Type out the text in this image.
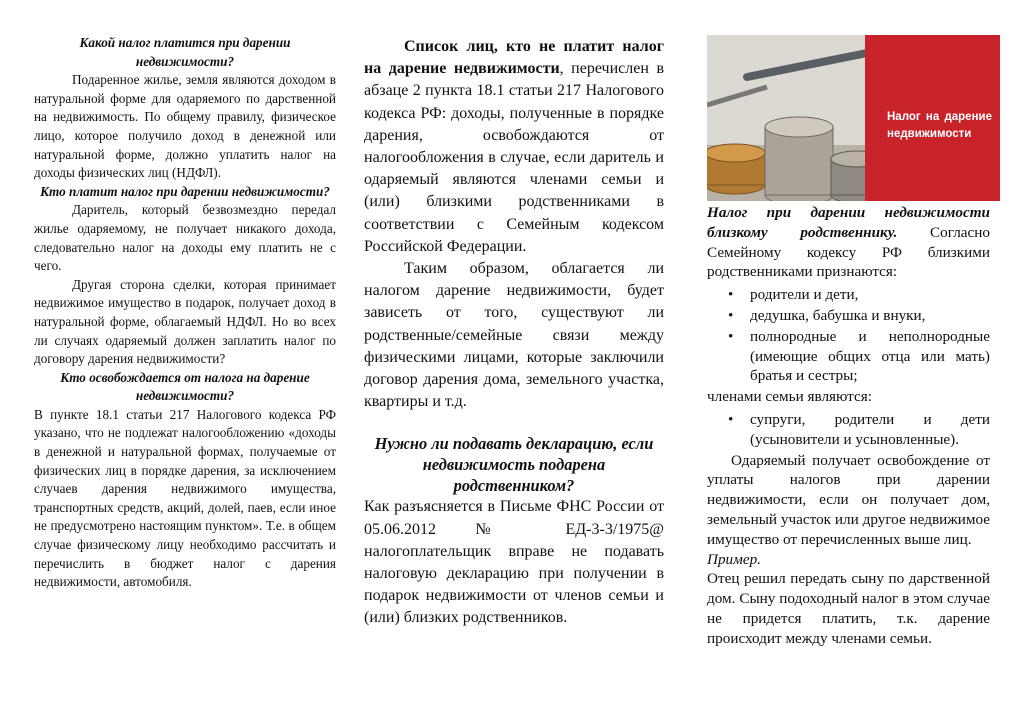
Какой налог платится при дарении недвижимости?

Подаренное жилье, земля являются доходом в натуральной форме для одаряемого по дарственной на недвижимость. По общему правилу, физическое лицо, которое получило доход в денежной или натуральной форме, должно уплатить налог на доходы физических лиц (НДФЛ).

Кто платит налог при дарении недвижимости?

Даритель, который безвозмездно передал жилье одаряемому, не получает никакого дохода, следовательно налог на доходы ему платить не с чего.

Другая сторона сделки, которая принимает недвижимое имущество в подарок, получает доход в натуральной форме, облагаемый НДФЛ. Но во всех ли случаях одаряемый должен заплатить налог по договору дарения недвижимости?

Кто освобождается от налога на дарение недвижимости?

В пункте 18.1 статьи 217 Налогового кодекса РФ указано, что не подлежат налогообложению «доходы в денежной и натуральной формах, получаемые от физических лиц в порядке дарения, за исключением случаев дарения недвижимого имущества, транспортных средств, акций, долей, паев, если иное не предусмотрено настоящим пунктом». Т.е. в общем случае физическому лицу необходимо рассчитать и перечислить в бюджет налог с дарения недвижимости, автомобиля.

Список лиц, кто не платит налог на дарение недвижимости, перечислен в абзаце 2 пункта 18.1 статьи 217 Налогового кодекса РФ: доходы, полученные в порядке дарения, освобождаются от налогообложения в случае, если даритель и одаряемый являются членами семьи и (или) близкими родственниками в соответствии с Семейным кодексом Российской Федерации.

Таким образом, облагается ли налогом дарение недвижимости, будет зависеть от того, существуют ли родственные/семейные связи между физическими лицами, которые заключили договор дарения дома, земельного участка, квартиры и т.д.

Нужно ли подавать декларацию, если недвижимость подарена родственником?

Как разъясняется в Письме ФНС России от 05.06.2012 № ЕД-3-3/1975@ налогоплательщик вправе не подавать налоговую декларацию при получении в подарок недвижимости от членов семьи и (или) близких родственников.

Налог на дарение недвижимости

Налог при дарении недвижимости близкому родственнику. Согласно Семейному кодексу РФ близкими родственниками признаются:

• родители и дети,
• дедушка, бабушка и внуки,
• полнородные и неполнородные (имеющие общих отца или мать) братья и сестры;

членами семьи являются:

• супруги, родители и дети (усыновители и усыновленные).

Одаряемый получает освобождение от уплаты налогов при дарении недвижимости, если он получает дом, земельный участок или другое недвижимое имущество от перечисленных выше лиц.

Пример.

Отец решил передать сыну по дарственной дом. Сыну подоходный налог в этом случае не придется платить, т.к. дарение происходит между членами семьи.
